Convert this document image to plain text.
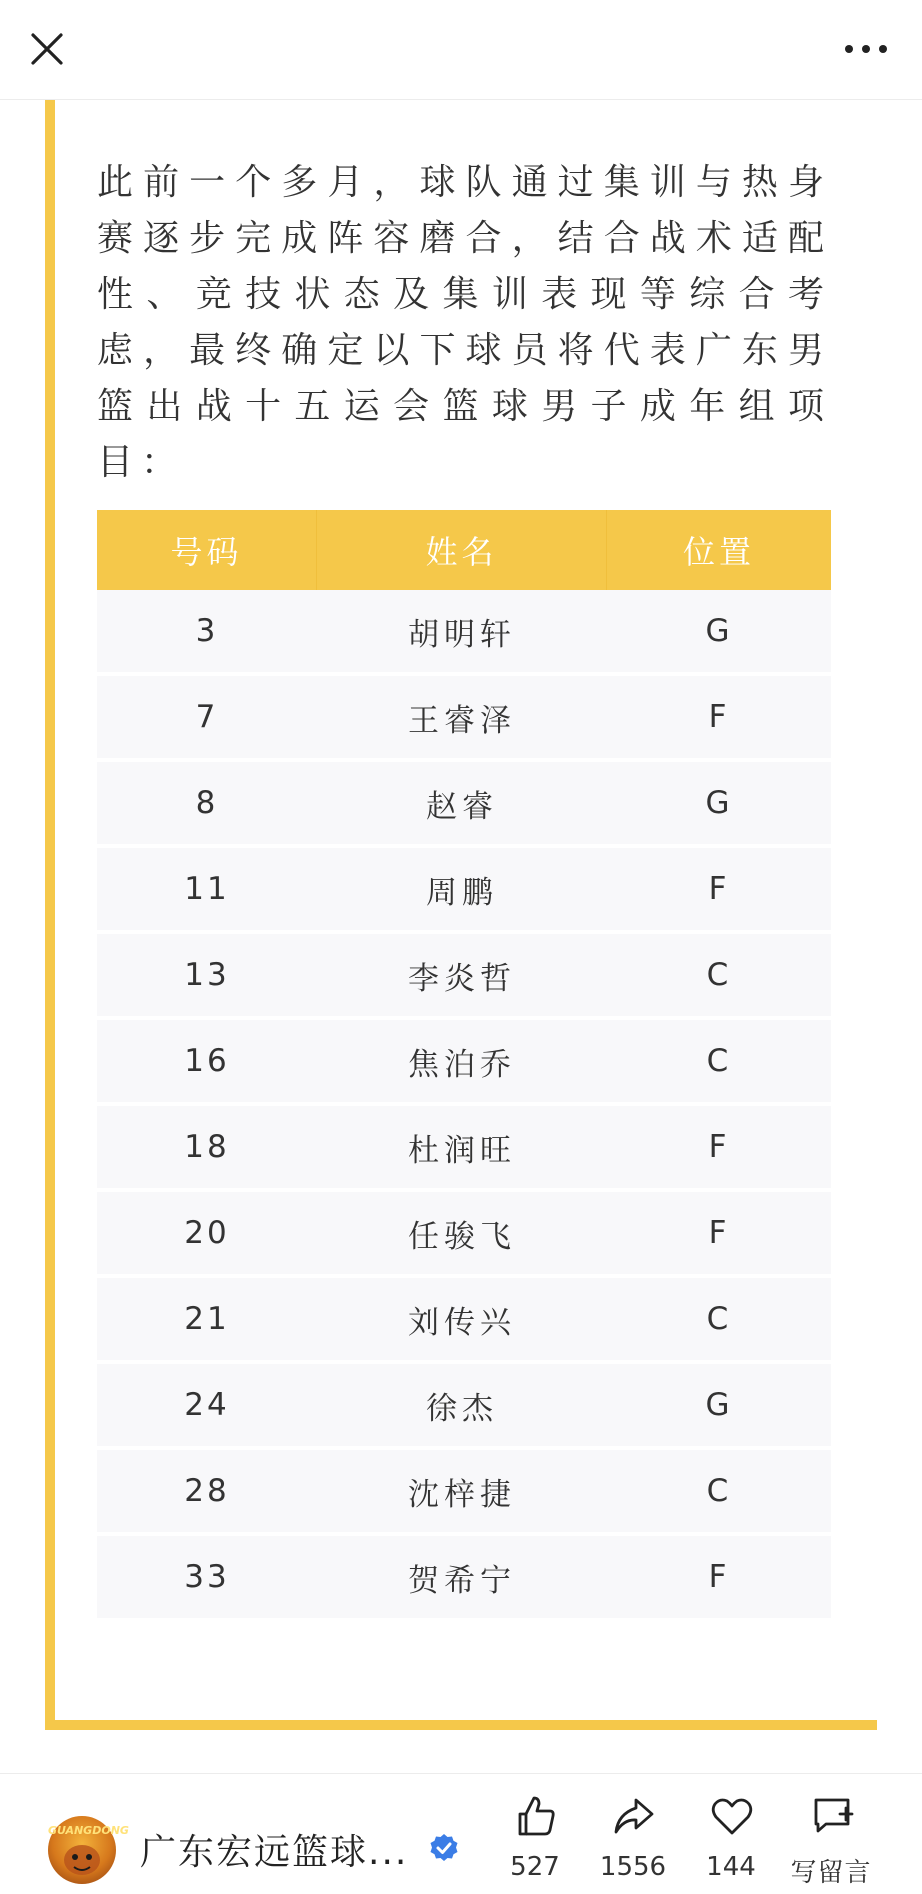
此前一个多月，球队通过集训与热身赛逐步完成阵容磨合，结合战术适配性、竞技状态及集训表现等综合考虑，最终确定以下球员将代表广东男篮出战十五运会篮球男子成年组项目：

号码	姓名	位置
3	胡明轩	G
7	王睿泽	F
8	赵睿	G
11	周鹏	F
13	李炎哲	C
16	焦泊乔	C
18	杜润旺	F
20	任骏飞	F
21	刘传兴	C
24	徐杰	G
28	沈梓捷	C
33	贺希宁	F
GUANGDONG
广东宏远篮球...	527	1556	144	写留言
